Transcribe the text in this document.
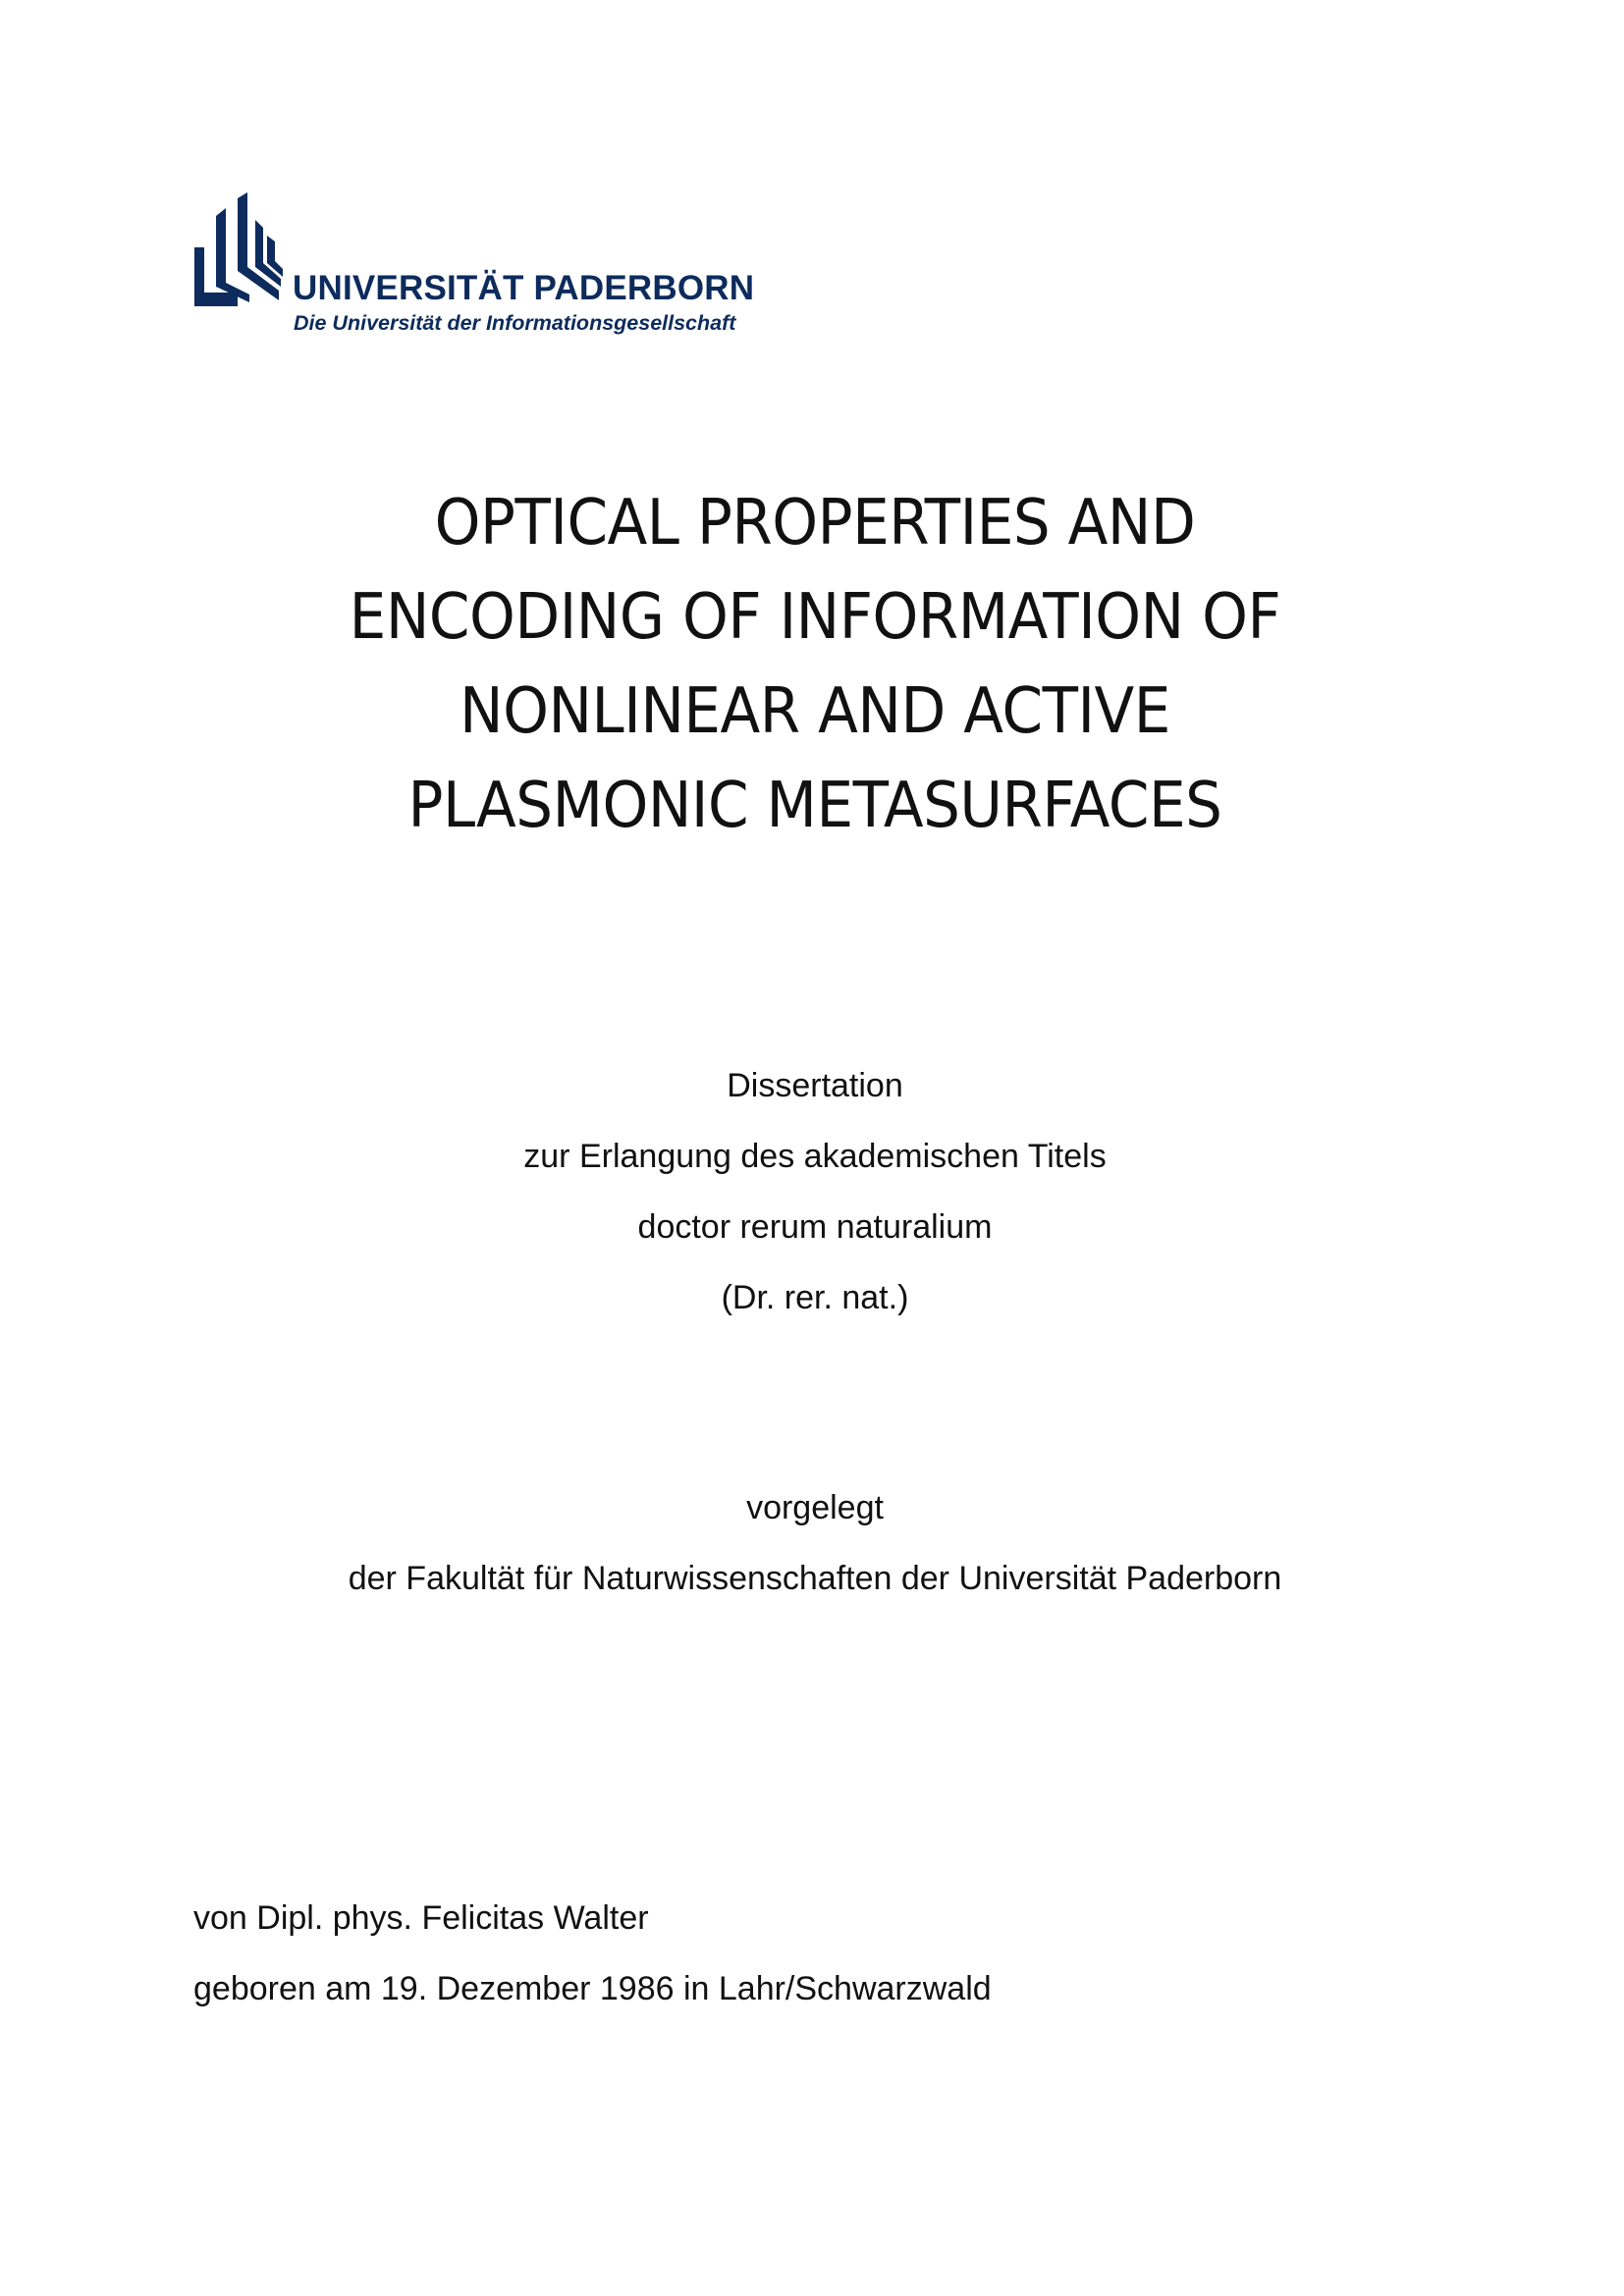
UNIVERSITÄT PADERBORN
Die Universität der Informationsgesellschaft
OPTICAL PROPERTIES AND
ENCODING OF INFORMATION OF
NONLINEAR AND ACTIVE
PLASMONIC METASURFACES
Dissertation
zur Erlangung des akademischen Titels
doctor rerum naturalium
(Dr. rer. nat.)
vorgelegt
der Fakultät für Naturwissenschaften der Universität Paderborn
von Dipl. phys. Felicitas Walter
geboren am 19. Dezember 1986 in Lahr/Schwarzwald
